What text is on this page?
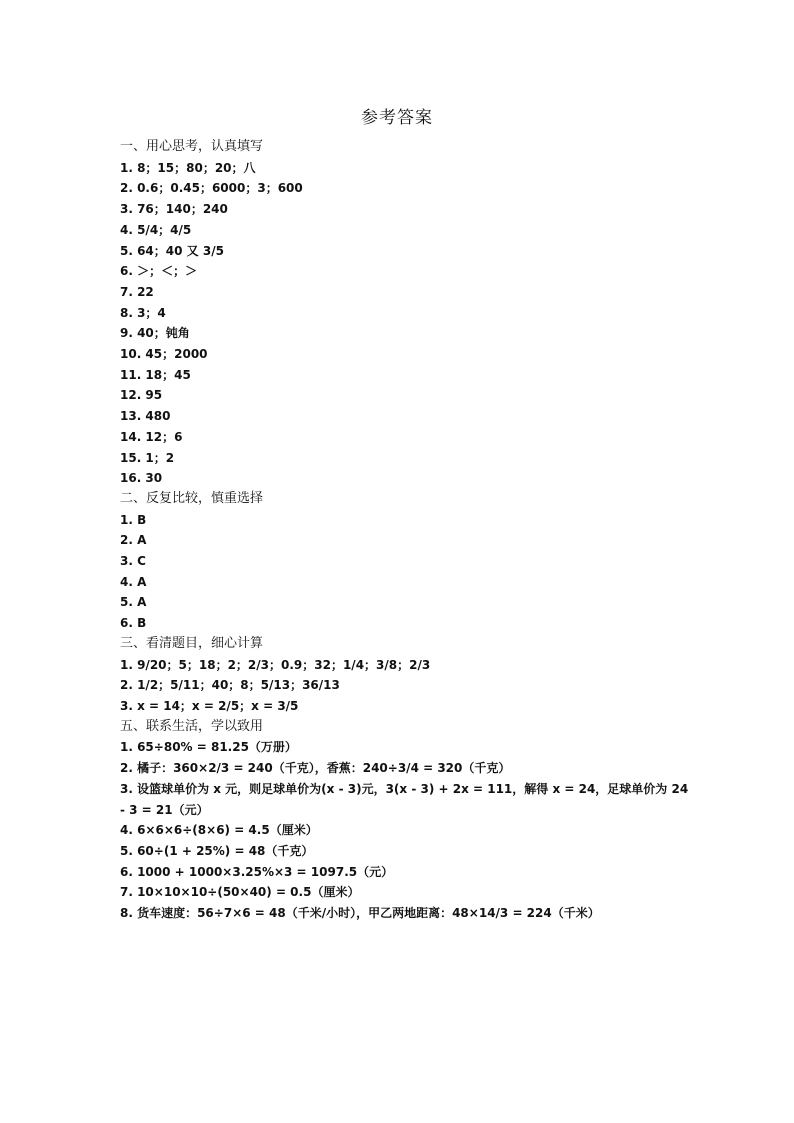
参考答案
一、用心思考，认真填写
1. 8；15；80；20；八
2. 0.6；0.45；6000；3；600
3. 76；140；240
4. 5/4；4/5
5. 64；40 又 3/5
6. ＞；＜；＞
7. 22
8. 3；4
9. 40；钝角
10. 45；2000
11. 18；45
12. 95
13. 480
14. 12；6
15. 1；2
16. 30
二、反复比较，慎重选择
1. B
2. A
3. C
4. A
5. A
6. B
三、看清题目，细心计算
1. 9/20；5；18；2；2/3；0.9；32；1/4；3/8；2/3
2. 1/2；5/11；40；8；5/13；36/13
3. x = 14；x = 2/5；x = 3/5
五、联系生活，学以致用
1. 65÷80% = 81.25（万册）
2. 橘子：360×2/3 = 240（千克），香蕉：240÷3/4 = 320（千克）
3. 设篮球单价为 x 元，则足球单价为(x - 3)元，3(x - 3) + 2x = 111，解得 x = 24，足球单价为 24 - 3 = 21（元）
4. 6×6×6÷(8×6) = 4.5（厘米）
5. 60÷(1 + 25%) = 48（千克）
6. 1000 + 1000×3.25%×3 = 1097.5（元）
7. 10×10×10÷(50×40) = 0.5（厘米）
8. 货车速度：56÷7×6 = 48（千米/小时），甲乙两地距离：48×14/3 = 224（千米）
